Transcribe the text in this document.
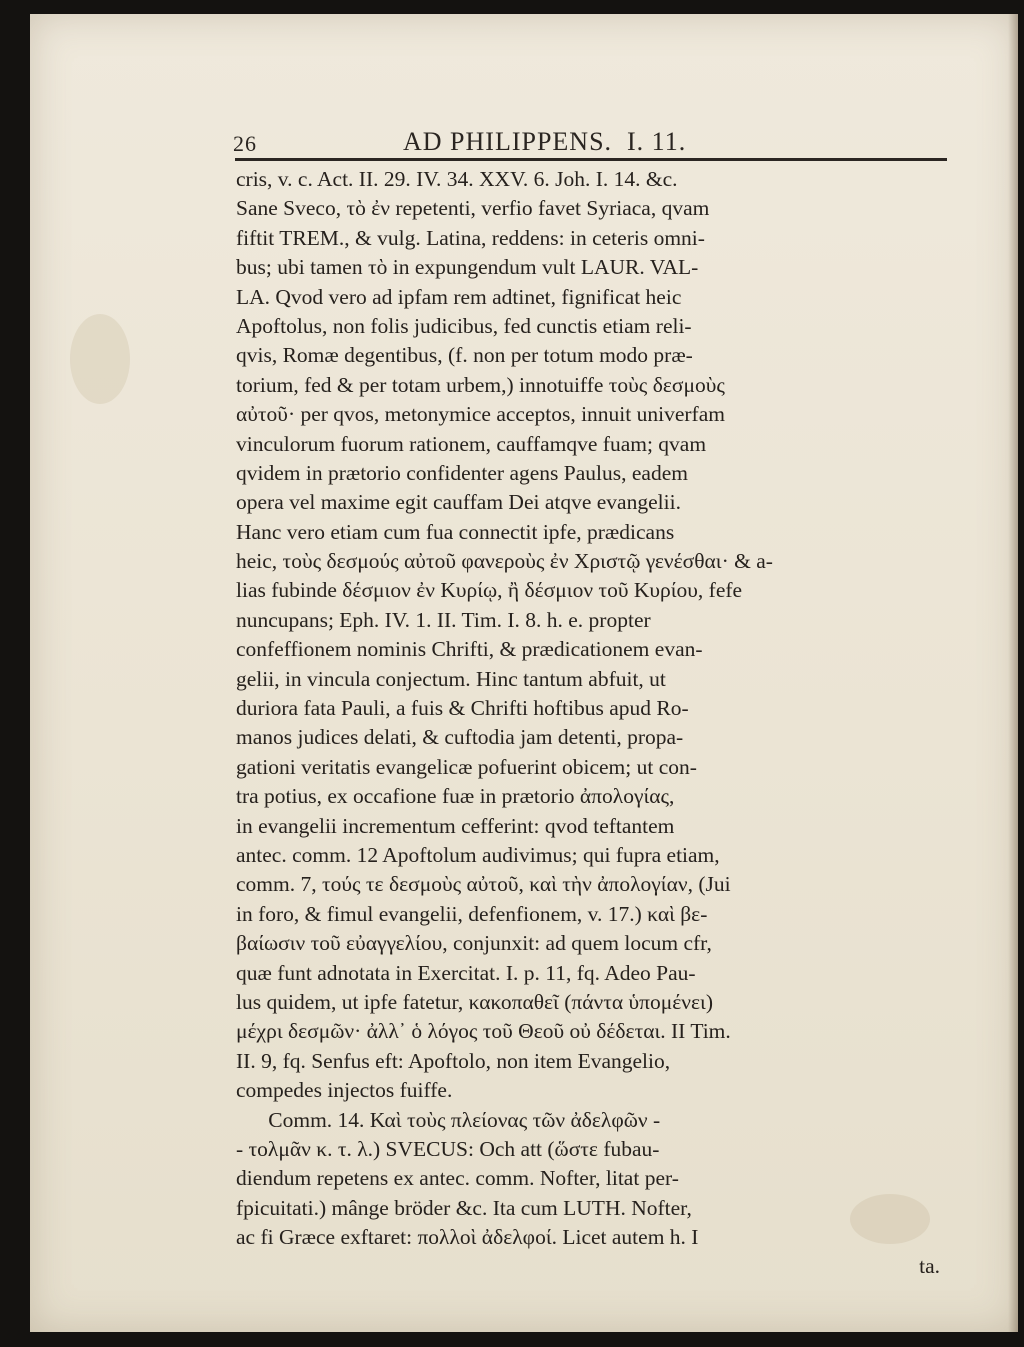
26	AD PHILIPPENS.  I. 11.
cris, v. c. Act. II. 29. IV. 34. XXV. 6. Joh. I. 14. &c.
Sane Sveco, τὸ ἐν repetenti, verfio favet Syriaca, qvam
fiftit TREM., & vulg. Latina, reddens: in ceteris omni-
bus; ubi tamen τὸ in expungendum vult LAUR. VAL-
LA. Qvod vero ad ipfam rem adtinet, fignificat heic
Apoftolus, non folis judicibus, fed cunctis etiam reli-
qvis, Romæ degentibus, (f. non per totum modo præ-
torium, fed & per totam urbem,) innotuiffe τοὺς δεσμοὺς
αὐτοῦ· per qvos, metonymice acceptos, innuit univerfam
vinculorum fuorum rationem, cauffamqve fuam; qvam
qvidem in prætorio confidenter agens Paulus, eadem
opera vel maxime egit cauffam Dei atqve evangelii.
Hanc vero etiam cum fua connectit ipfe, prædicans
heic, τοὺς δεσμούς αὐτοῦ φανεροὺς ἐν Χριστῷ γενέσθαι· & a-
lias fubinde δέσμιον ἐν Κυρίῳ, ἢ δέσμιον τοῦ Κυρίου, fefe
nuncupans; Eph. IV. 1. II. Tim. I. 8. h. e. propter
confeffionem nominis Chrifti, & prædicationem evan-
gelii, in vincula conjectum. Hinc tantum abfuit, ut
duriora fata Pauli, a fuis & Chrifti hoftibus apud Ro-
manos judices delati, & cuftodia jam detenti, propa-
gationi veritatis evangelicæ pofuerint obicem; ut con-
tra potius, ex occafione fuæ in prætorio ἀπολογίας,
in evangelii incrementum cefferint: qvod teftantem
antec. comm. 12 Apoftolum audivimus; qui fupra etiam,
comm. 7, τούς τε δεσμοὺς αὐτοῦ, καὶ τὴν ἀπολογίαν, (Jui
in foro, & fimul evangelii, defenfionem, v. 17.) καὶ βε-
βαίωσιν τοῦ εὐαγγελίου, conjunxit: ad quem locum cfr,
quæ funt adnotata in Exercitat. I. p. 11, fq. Adeo Pau-
lus quidem, ut ipfe fatetur, κακοπαθεῖ (πάντα ὑπομένει)
μέχρι δεσμῶν· ἀλλ᾽ ὁ λόγος τοῦ Θεοῦ οὐ δέδεται. II Tim.
II. 9, fq. Senfus eft: Apoftolo, non item Evangelio,
compedes injectos fuiffe.
Comm. 14. Καὶ τοὺς πλείονας τῶν ἀδελφῶν -
- τολμᾶν κ. τ. λ.) SVECUS: Och att (ὥστε fubau-
diendum repetens ex antec. comm. Nofter, litat per-
fpicuitati.) mânge bröder &c. Ita cum LUTH. Nofter,
ac fi Græce exftaret: πολλοὶ ἀδελφοί. Licet autem h. I
ta.
